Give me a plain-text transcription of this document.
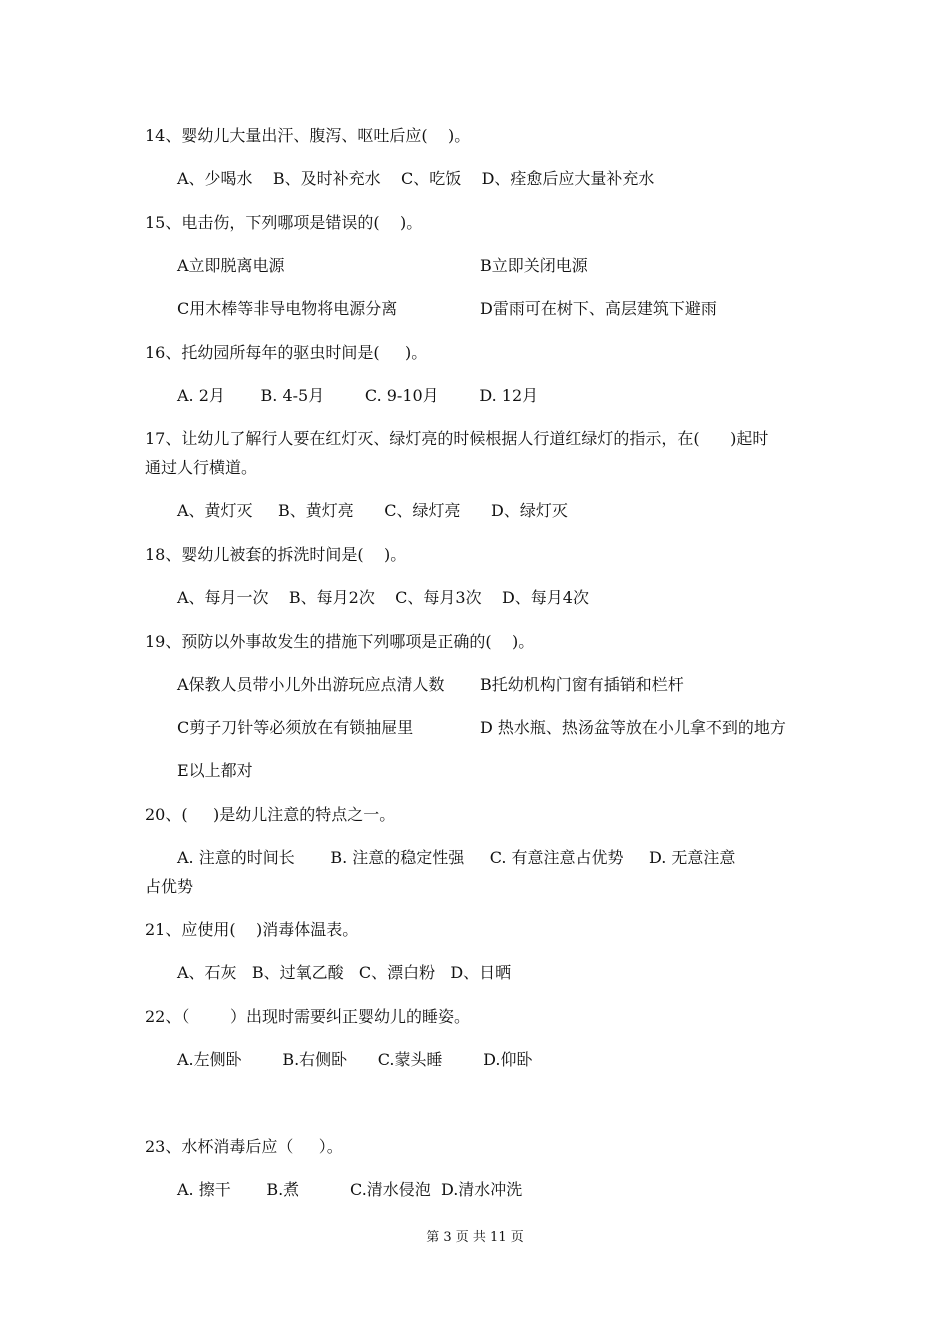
14、婴幼儿大量出汗、腹泻、呕吐后应(    )。

A、少喝水    B、及时补充水    C、吃饭    D、痊愈后应大量补充水

15、电击伤，下列哪项是错误的(    )。

A立即脱离电源	B立即关闭电源

C用木棒等非导电物将电源分离	D雷雨可在树下、高层建筑下避雨

16、托幼园所每年的驱虫时间是(     )。

A. 2月       B. 4-5月        C. 9-10月        D. 12月

17、让幼儿了解行人要在红灯灭、绿灯亮的时候根据人行道红绿灯的指示，在(      )起时

通过人行横道。

A、黄灯灭     B、黄灯亮      C、绿灯亮      D、绿灯灭

18、婴幼儿被套的拆洗时间是(    )。

A、每月一次    B、每月2次    C、每月3次    D、每月4次

19、预防以外事故发生的措施下列哪项是正确的(    )。

A保教人员带小儿外出游玩应点清人数 B托幼机构门窗有插销和栏杆

C剪子刀针等必须放在有锁抽屉里	D 热水瓶、热汤盆等放在小儿拿不到的地方

E以上都对

20、(     )是幼儿注意的特点之一。

A. 注意的时间长       B. 注意的稳定性强     C. 有意注意占优势     D. 无意注意

占优势

21、应使用(    )消毒体温表。

A、石灰   B、过氧乙酸   C、漂白粉   D、日晒

22、（        ）出现时需要纠正婴幼儿的睡姿。

A.左侧卧        B.右侧卧      C.蒙头睡        D.仰卧

23、水杯消毒后应（     ）。

A. 擦干       B.煮          C.清水侵泡  D.清水冲洗

第 3 页 共 11 页
